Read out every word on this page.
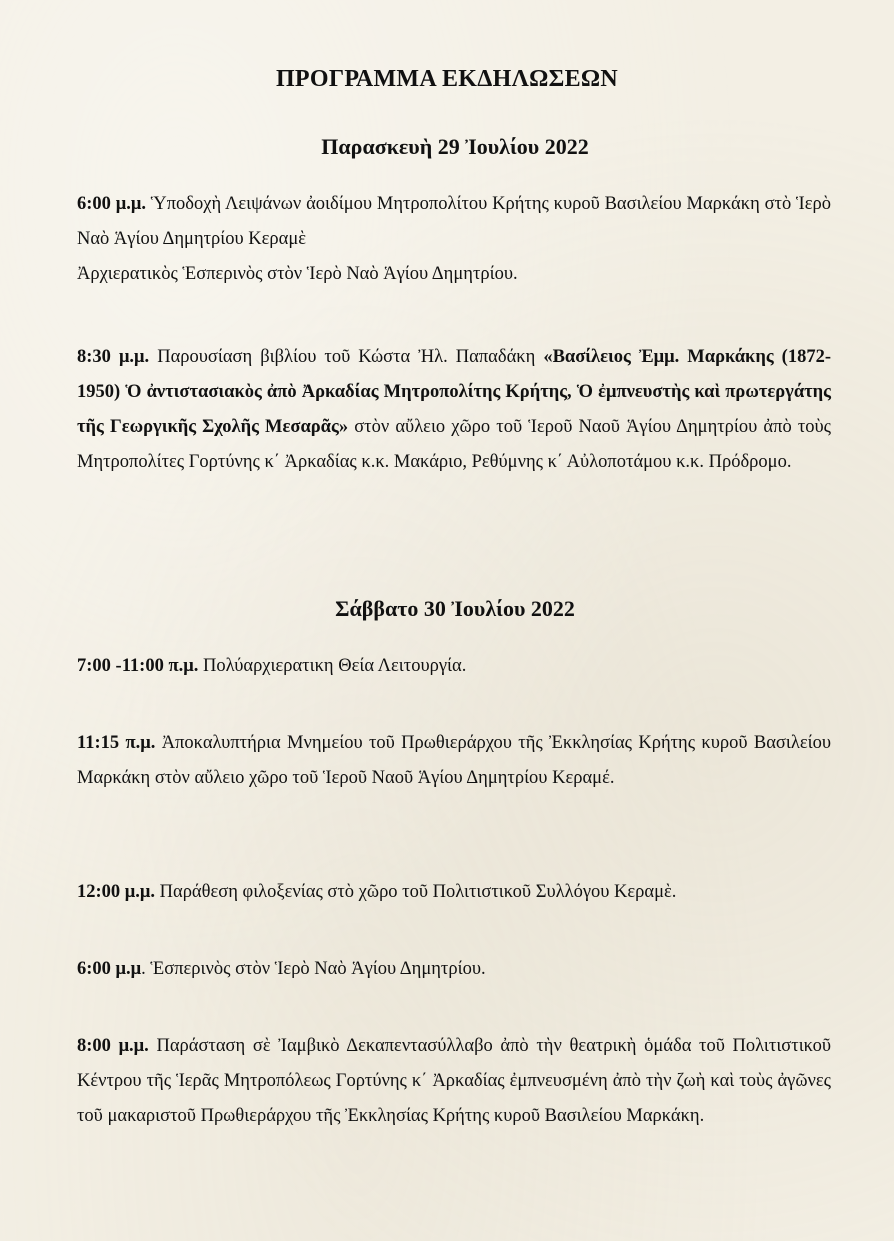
ΠΡΟΓΡΑΜΜΑ ΕΚΔΗΛΩΣΕΩΝ
Παρασκευὴ 29 Ἰουλίου 2022
6:00 μ.μ. Ὑποδοχὴ Λειψάνων ἀοιδίμου Μητροπολίτου Κρήτης κυροῦ Βασιλείου Μαρκάκη στὸ Ἱερὸ Ναὸ Ἁγίου Δημητρίου Κεραμὲ
Ἀρχιερατικὸς Ἑσπερινὸς στὸν Ἱερὸ Ναὸ Ἁγίου Δημητρίου.
8:30 μ.μ. Παρουσίαση βιβλίου τοῦ Κώστα Ἠλ. Παπαδάκη «Βασίλειος Ἐμμ. Μαρκάκης (1872-1950) Ὁ ἀντιστασιακὸς ἀπὸ Ἀρκαδίας Μητροπολίτης Κρήτης, Ὁ ἐμπνευστὴς καὶ πρωτεργάτης τῆς Γεωργικῆς Σχολῆς Μεσαρᾶς» στὸν αὔλειο χῶρο τοῦ Ἱεροῦ Ναοῦ Ἁγίου Δημητρίου ἀπὸ τοὺς Μητροπολίτες Γορτύνης κ΄ Ἀρκαδίας κ.κ. Μακάριο, Ρεθύμνης κ΄ Αὐλοποτάμου κ.κ. Πρόδρομο.
Σάββατο 30 Ἰουλίου 2022
7:00 -11:00 π.μ. Πολύαρχιερατικη Θεία Λειτουργία.
11:15 π.μ. Ἀποκαλυπτήρια Μνημείου τοῦ Πρωθιεράρχου τῆς Ἐκκλησίας Κρήτης κυροῦ Βασιλείου Μαρκάκη στὸν αὔλειο χῶρο τοῦ Ἱεροῦ Ναοῦ Ἁγίου Δημητρίου Κεραμέ.
12:00 μ.μ. Παράθεση φιλοξενίας στὸ χῶρο τοῦ Πολιτιστικοῦ Συλλόγου Κεραμὲ.
6:00 μ.μ. Ἑσπερινὸς στὸν Ἱερὸ Ναὸ Ἁγίου Δημητρίου.
8:00 μ.μ. Παράσταση σὲ Ἰαμβικὸ Δεκαπεντασύλλαβο ἀπὸ τὴν θεατρικὴ ὁμάδα τοῦ Πολιτιστικοῦ Κέντρου τῆς Ἱερᾶς Μητροπόλεως Γορτύνης κ΄ Ἀρκαδίας ἐμπνευσμένη ἀπὸ τὴν ζωὴ καὶ τοὺς ἀγῶνες τοῦ μακαριστοῦ Πρωθιεράρχου τῆς Ἐκκλησίας Κρήτης κυροῦ Βασιλείου Μαρκάκη.
